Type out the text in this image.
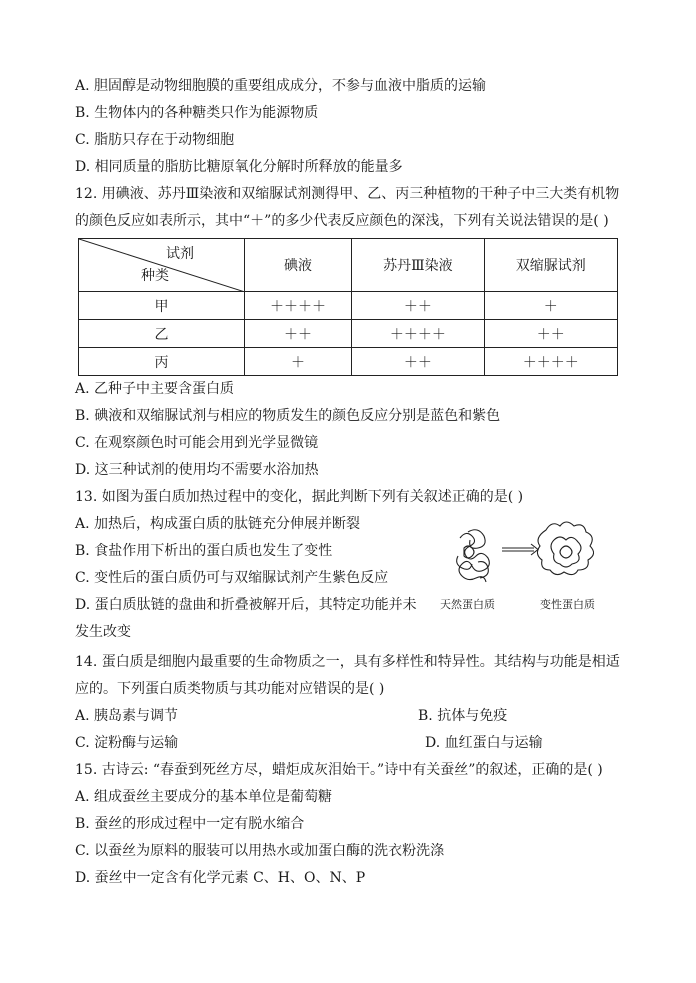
A. 胆固醇是动物细胞膜的重要组成成分，不参与血液中脂质的运输
B. 生物体内的各种糖类只作为能源物质
C. 脂肪只存在于动物细胞
D. 相同质量的脂肪比糖原氧化分解时所释放的能量多
12. 用碘液、苏丹Ⅲ染液和双缩脲试剂测得甲、乙、丙三种植物的干种子中三大类有机物
的颜色反应如表所示，其中“＋”的多少代表反应颜色的深浅，下列有关说法错误的是( )
试剂
种类	碘液	苏丹Ⅲ染液	双缩脲试剂
甲	＋＋＋＋	＋＋	＋
乙	＋＋	＋＋＋＋	＋＋
丙	＋	＋＋	＋＋＋＋
A. 乙种子中主要含蛋白质
B. 碘液和双缩脲试剂与相应的物质发生的颜色反应分别是蓝色和紫色
C. 在观察颜色时可能会用到光学显微镜
D. 这三种试剂的使用均不需要水浴加热
13. 如图为蛋白质加热过程中的变化，据此判断下列有关叙述正确的是( )
A. 加热后，构成蛋白质的肽链充分伸展并断裂
B. 食盐作用下析出的蛋白质也发生了变性
C. 变性后的蛋白质仍可与双缩脲试剂产生紫色反应
D. 蛋白质肽链的盘曲和折叠被解开后，其特定功能并未
发生改变
天然蛋白质	变性蛋白质
14. 蛋白质是细胞内最重要的生命物质之一，具有多样性和特异性。其结构与功能是相适
应的。下列蛋白质类物质与其功能对应错误的是( )
A. 胰岛素与调节	B. 抗体与免疫
C. 淀粉酶与运输	D. 血红蛋白与运输
15. 古诗云: “春蚕到死丝方尽，蜡炬成灰泪始干。”诗中有关蚕丝”的叙述，正确的是( )
A. 组成蚕丝主要成分的基本单位是葡萄糖
B. 蚕丝的形成过程中一定有脱水缩合
C. 以蚕丝为原料的服装可以用热水或加蛋白酶的洗衣粉洗涤
D. 蚕丝中一定含有化学元素 C、H、O、N、P
